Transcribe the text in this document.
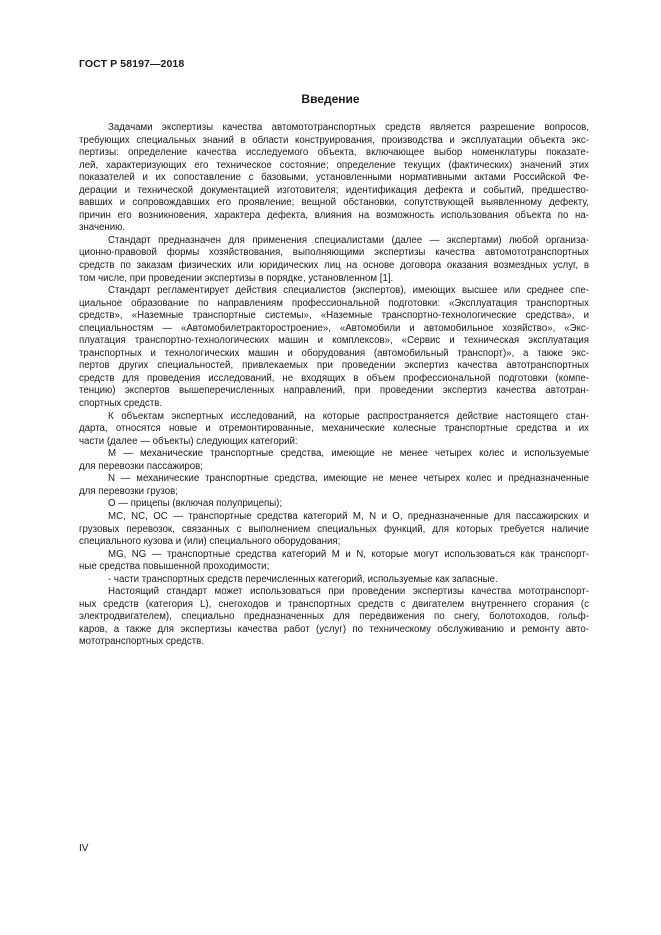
ГОСТ Р 58197—2018
Введение
Задачами экспертизы качества автомототранспортных средств является разрешение вопросов,
требующих специальных знаний в области конструирования, производства и эксплуатации объекта экс-
пертизы: определение качества исследуемого объекта, включающее выбор номенклатуры показате-
лей, характеризующих его техническое состояние; определение текущих (фактических) значений этих
показателей и их сопоставление с базовыми, установленными нормативными актами Российской Фе-
дерации и технической документацией изготовителя; идентификация дефекта и событий, предшество-
вавших и сопровождавших его проявление; вещной обстановки, сопутствующей выявленному дефекту,
причин его возникновения, характера дефекта, влияния на возможность использования объекта по на-
значению.
Стандарт предназначен для применения специалистами (далее — экспертами) любой организа-
ционно-правовой формы хозяйствования, выполняющими экспертизы качества автомототранспортных
средств по заказам физических или юридических лиц на основе договора оказания возмездных услуг, в
том числе, при проведении экспертизы в порядке, установленном [1].
Стандарт регламентирует действия специалистов (экспертов), имеющих высшее или среднее спе-
циальное образование по направлениям профессиональной подготовки: «Эксплуатация транспортных
средств», «Наземные транспортные системы», «Наземные транспортно-технологические средства», и
специальностям — «Автомобилетракторостроение», «Автомобили и автомобильное хозяйство», «Экс-
плуатация транспортно-технологических машин и комплексов», «Сервис и техническая эксплуатация
транспортных и технологических машин и оборудования (автомобильный транспорт)», а также экс-
пертов других специальностей, привлекаемых при проведении экспертиз качества автотранспортных
средств для проведения исследований, не входящих в объем профессиональной подготовки (компе-
тенцию) экспертов вышеперечисленных направлений, при проведении экспертиз качества автотран-
спортных средств.
К объектам экспертных исследований, на которые распространяется действие настоящего стан-
дарта, относятся новые и отремонтированные, механические колесные транспортные средства и их
части (далее — объекты) следующих категорий:
М — механические транспортные средства, имеющие не менее четырех колес и используемые
для перевозки пассажиров;
N — механические транспортные средства, имеющие не менее четырех колес и предназначенные
для перевозки грузов;
О — прицепы (включая полуприцепы);
МС, NC, ОС — транспортные средства категорий М, N и О, предназначенные для пассажирских и
грузовых перевозок, связанных с выполнением специальных функций, для которых требуется наличие
специального кузова и (или) специального оборудования;
MG, NG — транспортные средства категорий М и N, которые могут использоваться как транспорт-
ные средства повышенной проходимости;
- части транспортных средств перечисленных категорий, используемые как запасные.
Настоящий стандарт может использоваться при проведении экспертизы качества мототранспорт-
ных средств (категория L), снегоходов и транспортных средств с двигателем внутреннего сгорания (с
электродвигателем), специально предназначенных для передвижения по снегу, болотоходов, гольф-
каров, а также для экспертизы качества работ (услуг) по техническому обслуживанию и ремонту авто-
мототранспортных средств.
IV
